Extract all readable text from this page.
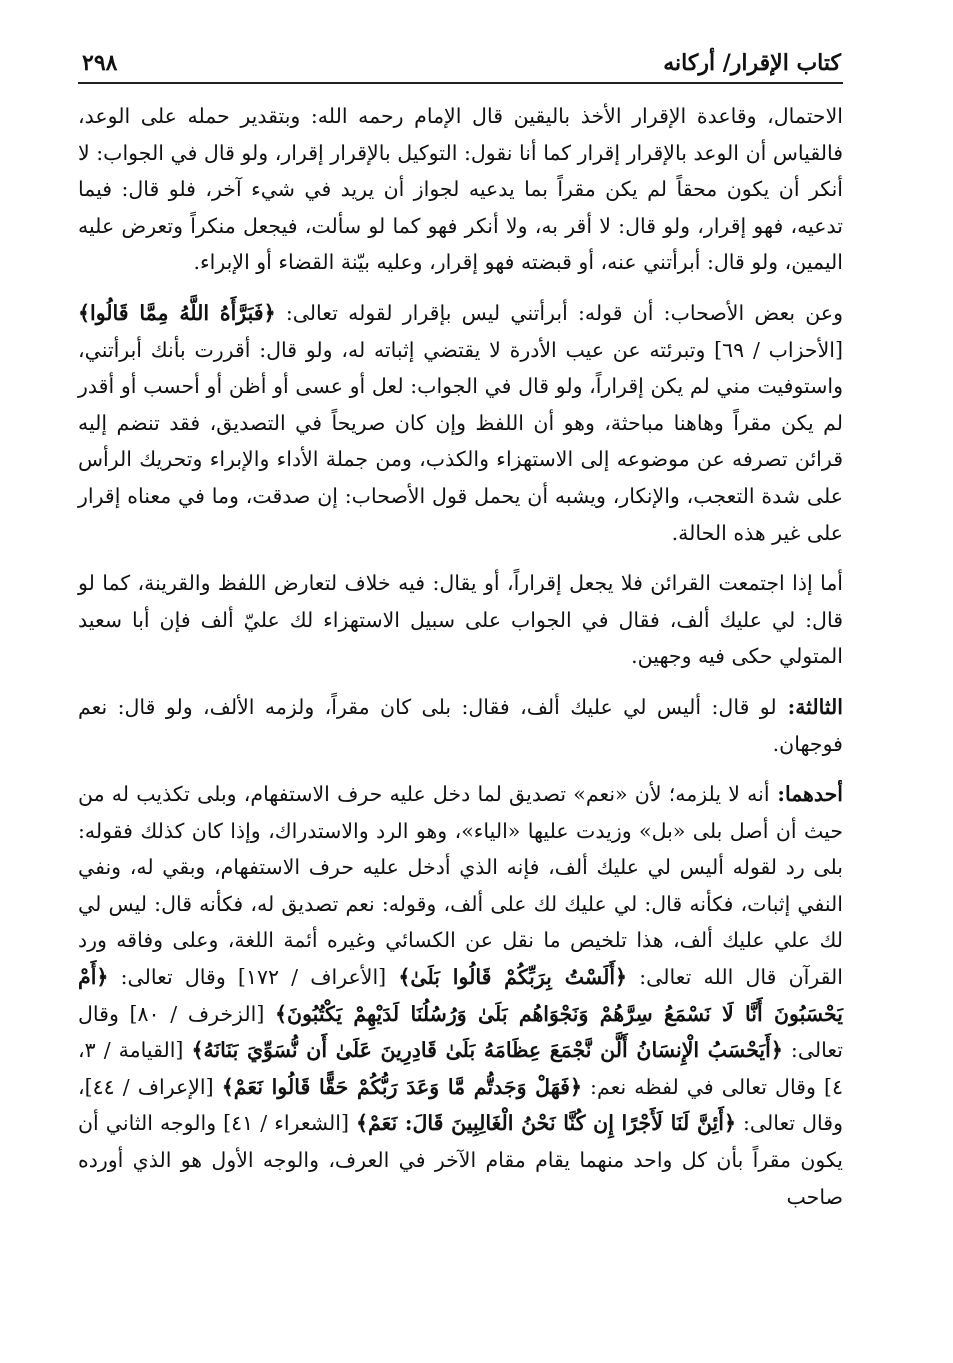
كتاب الإقرار/ أركانه
٢٩٨

الاحتمال، وقاعدة الإقرار الأخذ باليقين قال الإمام رحمه الله: وبتقدير حمله على الوعد، فالقياس أن الوعد بالإقرار إقرار كما أنا نقول: التوكيل بالإقرار إقرار، ولو قال في الجواب: لا أنكر أن يكون محقاً لم يكن مقراً بما يدعيه لجواز أن يريد في شيء آخر، فلو قال: فيما تدعيه، فهو إقرار، ولو قال: لا أقر به، ولا أنكر فهو كما لو سألت، فيجعل منكراً وتعرض عليه اليمين، ولو قال: أبرأتني عنه، أو قبضته فهو إقرار، وعليه بيّنة القضاء أو الإبراء.

وعن بعض الأصحاب: أن قوله: أبرأتني ليس بإقرار لقوله تعالى: ﴿فَبَرَّأَهُ اللَّهُ مِمَّا قَالُوا﴾ [الأحزاب / ٦٩] وتبرئته عن عيب الأدرة لا يقتضي إثباته له، ولو قال: أقررت بأنك أبرأتني، واستوفيت مني لم يكن إقراراً، ولو قال في الجواب: لعل أو عسى أو أظن أو أحسب أو أقدر لم يكن مقراً وهاهنا مباحثة، وهو أن اللفظ وإن كان صريحاً في التصديق، فقد تنضم إليه قرائن تصرفه عن موضوعه إلى الاستهزاء والكذب، ومن جملة الأداء والإبراء وتحريك الرأس على شدة التعجب، والإنكار، ويشبه أن يحمل قول الأصحاب: إن صدقت، وما في معناه إقرار على غير هذه الحالة.

أما إذا اجتمعت القرائن فلا يجعل إقراراً، أو يقال: فيه خلاف لتعارض اللفظ والقرينة، كما لو قال: لي عليك ألف، فقال في الجواب على سبيل الاستهزاء لك عليّ ألف فإن أبا سعيد المتولي حكى فيه وجهين.

الثالثة: لو قال: أليس لي عليك ألف، فقال: بلى كان مقراً، ولزمه الألف، ولو قال: نعم فوجهان.

أحدهما: أنه لا يلزمه؛ لأن «نعم» تصديق لما دخل عليه حرف الاستفهام، وبلى تكذيب له من حيث أن أصل بلى «بل» وزيدت عليها «الياء»، وهو الرد والاستدراك، وإذا كان كذلك فقوله: بلى رد لقوله أليس لي عليك ألف، فإنه الذي أدخل عليه حرف الاستفهام، وبقي له، ونفي النفي إثبات، فكأنه قال: لي عليك لك على ألف، وقوله: نعم تصديق له، فكأنه قال: ليس لي لك علي عليك ألف، هذا تلخيص ما نقل عن الكسائي وغيره أئمة اللغة، وعلى وفاقه ورد القرآن قال الله تعالى: ﴿أَلَسْتُ بِرَبِّكُمْ قَالُوا بَلَىٰ﴾ [الأعراف / ١٧٢] وقال تعالى: ﴿أَمْ يَحْسَبُونَ أَنَّا لَا نَسْمَعُ سِرَّهُمْ وَنَجْوَاهُم بَلَىٰ وَرُسُلُنَا لَدَيْهِمْ يَكْتُبُونَ﴾ [الزخرف / ٨٠] وقال تعالى: ﴿أَيَحْسَبُ الْإِنسَانُ أَلَّن نَّجْمَعَ عِظَامَهُ بَلَىٰ قَادِرِينَ عَلَىٰ أَن نُّسَوِّيَ بَنَانَهُ﴾ [القيامة / ٣، ٤] وقال تعالى في لفظه نعم: ﴿فَهَلْ وَجَدتُّم مَّا وَعَدَ رَبُّكُمْ حَقًّا قَالُوا نَعَمْ﴾ [الإعراف / ٤٤]، وقال تعالى: ﴿أَئِنَّ لَنَا لَأَجْرًا إِن كُنَّا نَحْنُ الْغَالِبِينَ قَالَ: نَعَمْ﴾ [الشعراء / ٤١] والوجه الثاني أن يكون مقراً بأن كل واحد منهما يقام مقام الآخر في العرف، والوجه الأول هو الذي أورده صاحب
